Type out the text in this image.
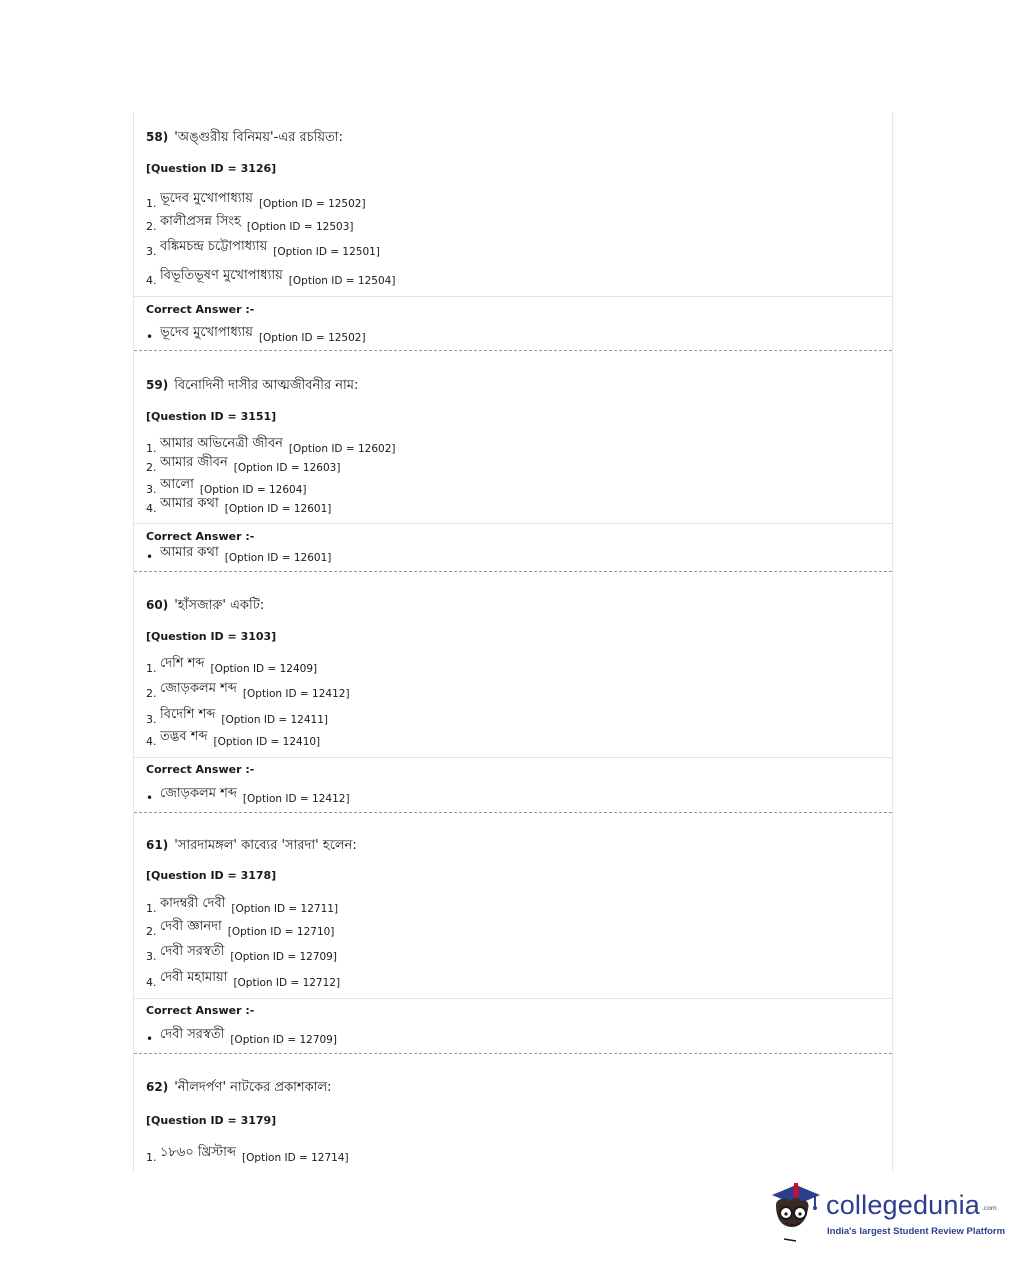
58) 'অঙ্গুরীয় বিনিময়'-এর রচয়িতা:
[Question ID = 3126]
1. ভূদেব মুখোপাধ্যায় [Option ID = 12502]
2. কালীপ্রসন্ন সিংহ [Option ID = 12503]
3. বঙ্কিমচন্দ্র চট্টোপাধ্যায় [Option ID = 12501]
4. বিভূতিভূষণ মুখোপাধ্যায় [Option ID = 12504]
Correct Answer :-
• ভূদেব মুখোপাধ্যায় [Option ID = 12502]
59) বিনোদিনী দাসীর আত্মজীবনীর নাম:
[Question ID = 3151]
1. আমার অভিনেত্রী জীবন [Option ID = 12602]
2. আমার জীবন [Option ID = 12603]
3. আলো [Option ID = 12604]
4. আমার কথা [Option ID = 12601]
Correct Answer :-
• আমার কথা [Option ID = 12601]
60) 'হাঁসজারু' একটি:
[Question ID = 3103]
1. দেশি শব্দ [Option ID = 12409]
2. জোড়কলম শব্দ [Option ID = 12412]
3. বিদেশি শব্দ [Option ID = 12411]
4. তদ্ভব শব্দ [Option ID = 12410]
Correct Answer :-
• জোড়কলম শব্দ [Option ID = 12412]
61) 'সারদামঙ্গল' কাব্যের 'সারদা' হলেন:
[Question ID = 3178]
1. কাদম্বরী দেবী [Option ID = 12711]
2. দেবী জ্ঞানদা [Option ID = 12710]
3. দেবী সরস্বতী [Option ID = 12709]
4. দেবী মহামায়া [Option ID = 12712]
Correct Answer :-
• দেবী সরস্বতী [Option ID = 12709]
62) 'নীলদর্পণ' নাটকের প্রকাশকাল:
[Question ID = 3179]
1. ১৮৬০ খ্রিস্টাব্দ [Option ID = 12714]
collegedunia .com
India's largest Student Review Platform
